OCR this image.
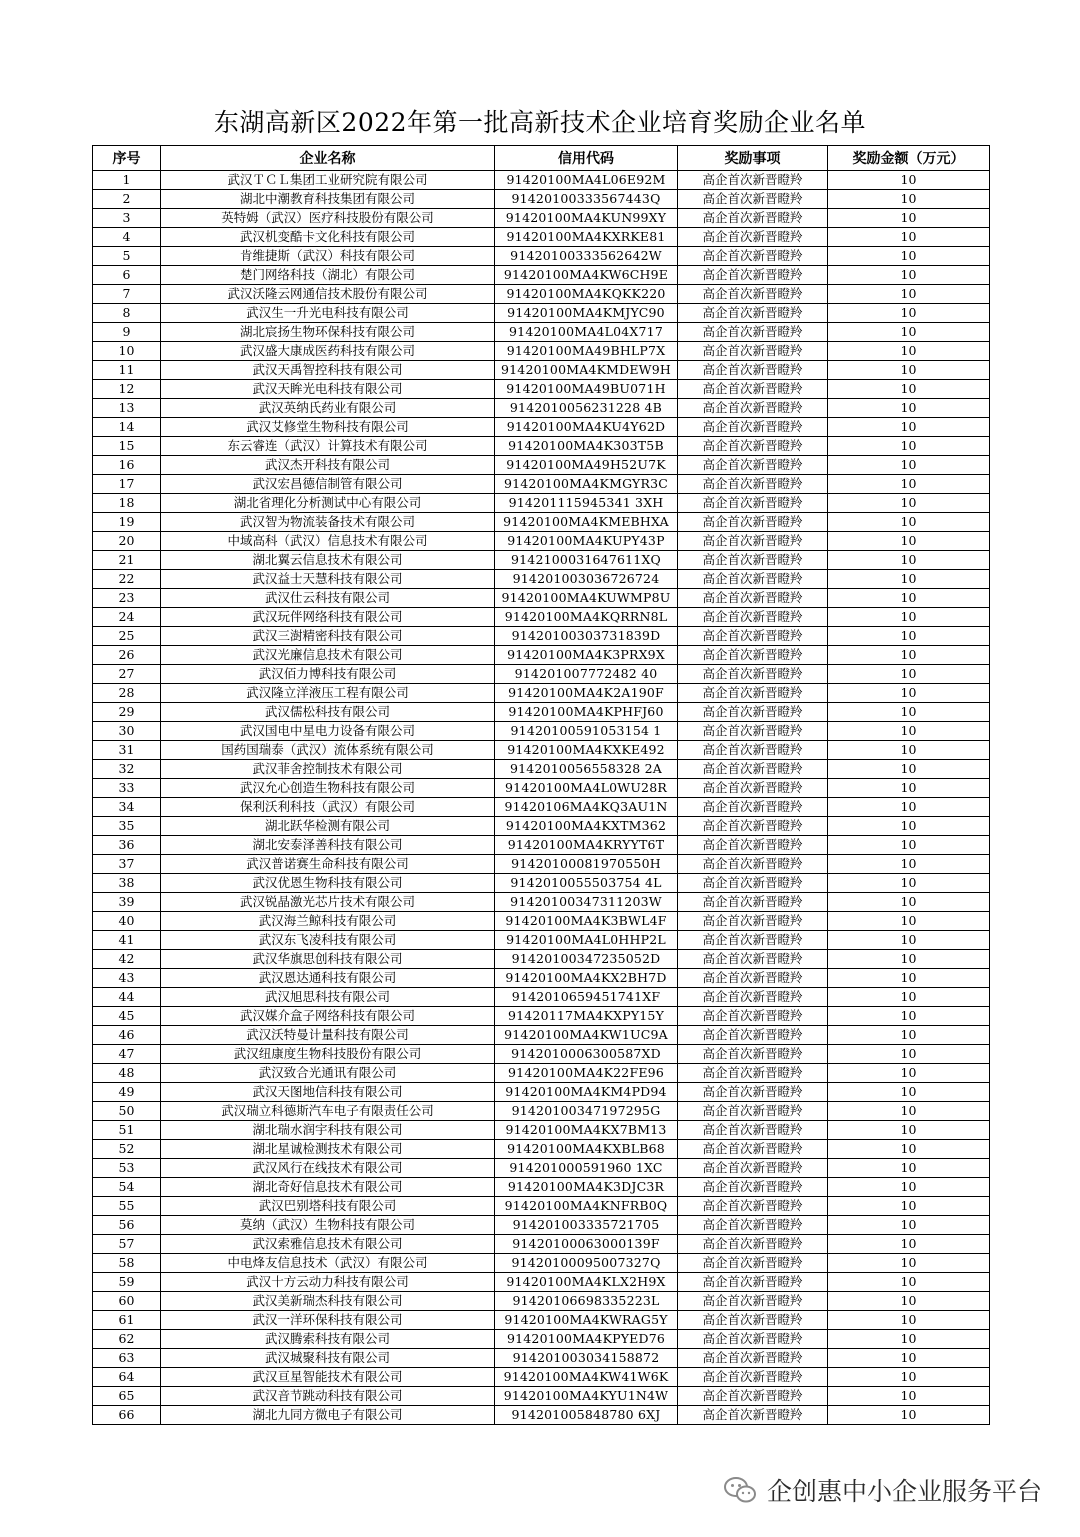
东湖高新区2022年第一批高新技术企业培育奖励企业名单
序号	企业名称	信用代码	奖励事项	奖励金额（万元）
1	武汉ＴＣＬ集团工业研究院有限公司	91420100MA4L06E92M	高企首次新晋瞪羚	10
2	湖北中潮教育科技集团有限公司	91420100333567443Q	高企首次新晋瞪羚	10
3	英特姆（武汉）医疗科技股份有限公司	91420100MA4KUN99XY	高企首次新晋瞪羚	10
4	武汉机变酷卡文化科技有限公司	91420100MA4KXRKE81	高企首次新晋瞪羚	10
5	肯维捷斯（武汉）科技有限公司	91420100333562642W	高企首次新晋瞪羚	10
6	楚门网络科技（湖北）有限公司	91420100MA4KW6CH9E	高企首次新晋瞪羚	10
7	武汉沃隆云网通信技术股份有限公司	91420100MA4KQKK220	高企首次新晋瞪羚	10
8	武汉生一升光电科技有限公司	91420100MA4KMJYC90	高企首次新晋瞪羚	10
9	湖北宸扬生物环保科技有限公司	91420100MA4L04X717	高企首次新晋瞪羚	10
10	武汉盛大康成医药科技有限公司	91420100MA49BHLP7X	高企首次新晋瞪羚	10
11	武汉天禹智控科技有限公司	91420100MA4KMDEW9H	高企首次新晋瞪羚	10
12	武汉天眸光电科技有限公司	91420100MA49BU071H	高企首次新晋瞪羚	10
13	武汉英纳氏药业有限公司	9142010056231228 4B	高企首次新晋瞪羚	10
14	武汉艾修堂生物科技有限公司	91420100MA4KU4Y62D	高企首次新晋瞪羚	10
15	东云睿连（武汉）计算技术有限公司	91420100MA4K303T5B	高企首次新晋瞪羚	10
16	武汉杰开科技有限公司	91420100MA49H52U7K	高企首次新晋瞪羚	10
17	武汉宏昌德信制管有限公司	91420100MA4KMGYR3C	高企首次新晋瞪羚	10
18	湖北省理化分析测试中心有限公司	914201115945341 3XH	高企首次新晋瞪羚	10
19	武汉智为物流装备技术有限公司	91420100MA4KMEBHXA	高企首次新晋瞪羚	10
20	中域高科（武汉）信息技术有限公司	91420100MA4KUPY43P	高企首次新晋瞪羚	10
21	湖北翼云信息技术有限公司	9142100031647611XQ	高企首次新晋瞪羚	10
22	武汉益士天慧科技有限公司	914201003036726724	高企首次新晋瞪羚	10
23	武汉仕云科技有限公司	91420100MA4KUWMP8U	高企首次新晋瞪羚	10
24	武汉玩伴网络科技有限公司	91420100MA4KQRRN8L	高企首次新晋瞪羚	10
25	武汉三澍精密科技有限公司	91420100303731839D	高企首次新晋瞪羚	10
26	武汉光廉信息技术有限公司	91420100MA4K3PRX9X	高企首次新晋瞪羚	10
27	武汉佰力博科技有限公司	914201007772482 40	高企首次新晋瞪羚	10
28	武汉隆立洋液压工程有限公司	91420100MA4K2A190F	高企首次新晋瞪羚	10
29	武汉儒松科技有限公司	91420100MA4KPHFJ60	高企首次新晋瞪羚	10
30	武汉国电中星电力设备有限公司	91420100591053154 1	高企首次新晋瞪羚	10
31	国药国瑞泰（武汉）流体系统有限公司	91420100MA4KXKE492	高企首次新晋瞪羚	10
32	武汉菲舍控制技术有限公司	9142010056558328 2A	高企首次新晋瞪羚	10
33	武汉允心创造生物科技有限公司	91420100MA4L0WU28R	高企首次新晋瞪羚	10
34	保利沃利科技（武汉）有限公司	91420106MA4KQ3AU1N	高企首次新晋瞪羚	10
35	湖北跃华检测有限公司	91420100MA4KXTM362	高企首次新晋瞪羚	10
36	湖北安泰泽善科技有限公司	91420100MA4KRYYT6T	高企首次新晋瞪羚	10
37	武汉普诺赛生命科技有限公司	91420100081970550H	高企首次新晋瞪羚	10
38	武汉优恩生物科技有限公司	9142010055503754 4L	高企首次新晋瞪羚	10
39	武汉锐晶激光芯片技术有限公司	91420100347311203W	高企首次新晋瞪羚	10
40	武汉海兰鲸科技有限公司	91420100MA4K3BWL4F	高企首次新晋瞪羚	10
41	武汉东飞凌科技有限公司	91420100MA4L0HHP2L	高企首次新晋瞪羚	10
42	武汉华旗思创科技有限公司	91420100347235052D	高企首次新晋瞪羚	10
43	武汉恩达通科技有限公司	91420100MA4KX2BH7D	高企首次新晋瞪羚	10
44	武汉旭思科技有限公司	9142010659451741XF	高企首次新晋瞪羚	10
45	武汉媒介盒子网络科技有限公司	91420117MA4KXPY15Y	高企首次新晋瞪羚	10
46	武汉沃特曼计量科技有限公司	91420100MA4KW1UC9A	高企首次新晋瞪羚	10
47	武汉纽康度生物科技股份有限公司	9142010006300587XD	高企首次新晋瞪羚	10
48	武汉致合光通讯有限公司	91420100MA4K22FE96	高企首次新晋瞪羚	10
49	武汉天图地信科技有限公司	91420100MA4KM4PD94	高企首次新晋瞪羚	10
50	武汉瑞立科德斯汽车电子有限责任公司	91420100347197295G	高企首次新晋瞪羚	10
51	湖北瑞水润宇科技有限公司	91420100MA4KX7BM13	高企首次新晋瞪羚	10
52	湖北星诚检测技术有限公司	91420100MA4KXBLB68	高企首次新晋瞪羚	10
53	武汉风行在线技术有限公司	914201000591960 1XC	高企首次新晋瞪羚	10
54	湖北奇好信息技术有限公司	91420100MA4K3DJC3R	高企首次新晋瞪羚	10
55	武汉巴别塔科技有限公司	91420100MA4KNFRB0Q	高企首次新晋瞪羚	10
56	莫纳（武汉）生物科技有限公司	914201003335721705	高企首次新晋瞪羚	10
57	武汉索雅信息技术有限公司	91420100063000139F	高企首次新晋瞪羚	10
58	中电烽友信息技术（武汉）有限公司	91420100095007327Q	高企首次新晋瞪羚	10
59	武汉十方云动力科技有限公司	91420100MA4KLX2H9X	高企首次新晋瞪羚	10
60	武汉美新瑞杰科技有限公司	91420106698335223L	高企首次新晋瞪羚	10
61	武汉一洋环保科技有限公司	91420100MA4KWRAG5Y	高企首次新晋瞪羚	10
62	武汉腾索科技有限公司	91420100MA4KPYED76	高企首次新晋瞪羚	10
63	武汉城聚科技有限公司	914201003034158872	高企首次新晋瞪羚	10
64	武汉亘星智能技术有限公司	91420100MA4KW41W6K	高企首次新晋瞪羚	10
65	武汉音节跳动科技有限公司	91420100MA4KYU1N4W	高企首次新晋瞪羚	10
66	湖北九同方微电子有限公司	914201005848780 6XJ	高企首次新晋瞪羚	10
企创惠中小企业服务平台
